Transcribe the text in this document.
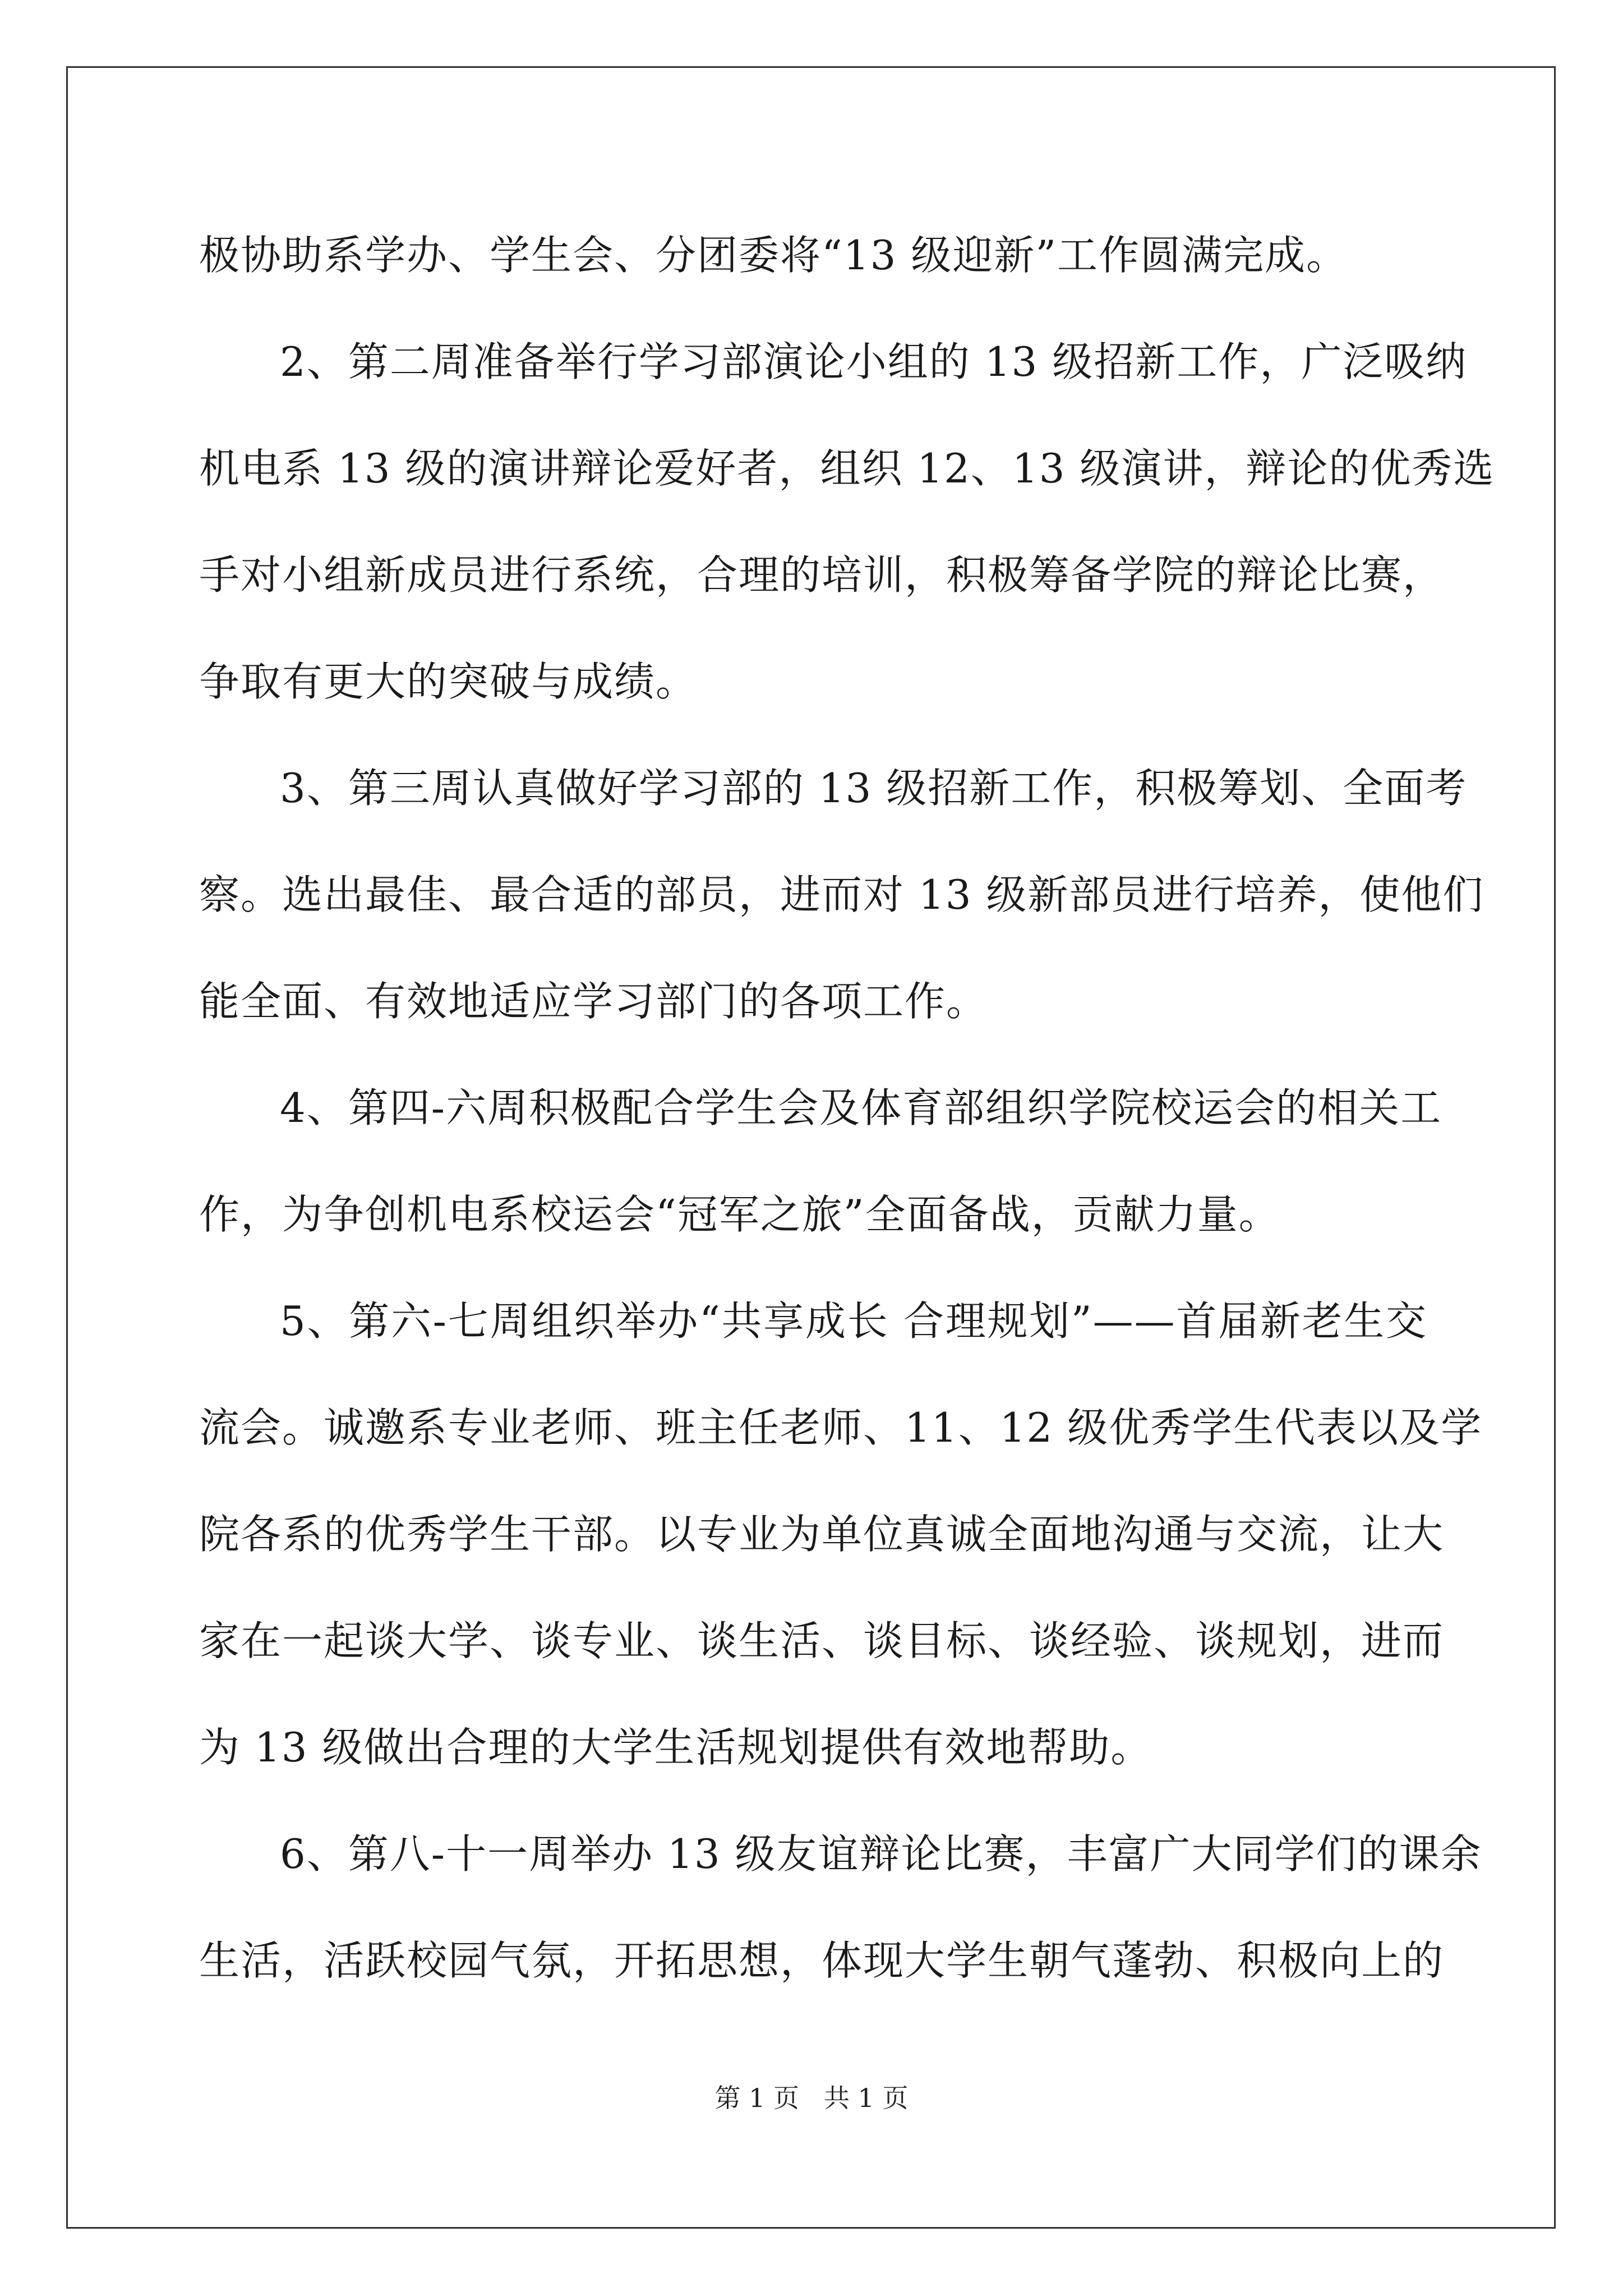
极协助系学办、学生会、分团委将“13 级迎新”工作圆满完成。
2、第二周准备举行学习部演论小组的 13 级招新工作，广泛吸纳
机电系 13 级的演讲辩论爱好者，组织 12、13 级演讲，辩论的优秀选
手对小组新成员进行系统，合理的培训，积极筹备学院的辩论比赛，
争取有更大的突破与成绩。
3、第三周认真做好学习部的 13 级招新工作，积极筹划、全面考
察。选出最佳、最合适的部员，进而对 13 级新部员进行培养，使他们
能全面、有效地适应学习部门的各项工作。
4、第四-六周积极配合学生会及体育部组织学院校运会的相关工
作，为争创机电系校运会“冠军之旅”全面备战，贡献力量。
5、第六-七周组织举办“共享成长 合理规划”——首届新老生交
流会。诚邀系专业老师、班主任老师、11、12 级优秀学生代表以及学
院各系的优秀学生干部。以专业为单位真诚全面地沟通与交流，让大
家在一起谈大学、谈专业、谈生活、谈目标、谈经验、谈规划，进而
为 13 级做出合理的大学生活规划提供有效地帮助。
6、第八-十一周举办 13 级友谊辩论比赛，丰富广大同学们的课余
生活，活跃校园气氛，开拓思想，体现大学生朝气蓬勃、积极向上的
第 1 页 共 1 页
